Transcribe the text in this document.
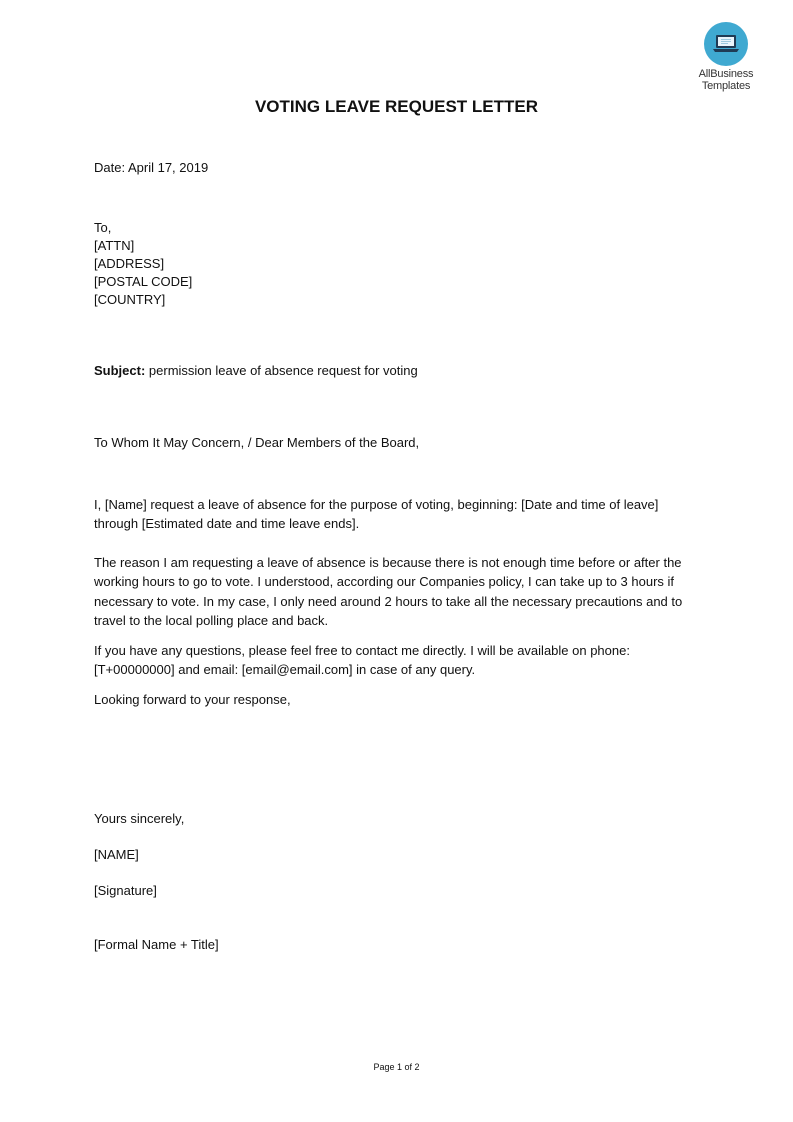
AllBusiness
Templates
VOTING LEAVE REQUEST LETTER
Date: April 17, 2019
To,
[ATTN]
[ADDRESS]
[POSTAL CODE]
[COUNTRY]
Subject: permission leave of absence request for voting
To Whom It May Concern, / Dear Members of the Board,

I, [Name] request a leave of absence for the purpose of voting, beginning: [Date and time of leave] through [Estimated date and time leave ends].

The reason I am requesting a leave of absence is because there is not enough time before or after the working hours to go to vote. I understood, according our Companies policy, I can take up to 3 hours if necessary to vote. In my case, I only need around 2 hours to take all the necessary precautions and to travel to the local polling place and back.

If you have any questions, please feel free to contact me directly. I will be available on phone: [T+00000000] and email: [email@email.com] in case of any query.

Looking forward to your response,

Yours sincerely,
[NAME]
[Signature]
[Formal Name + Title]
Page 1 of 2
